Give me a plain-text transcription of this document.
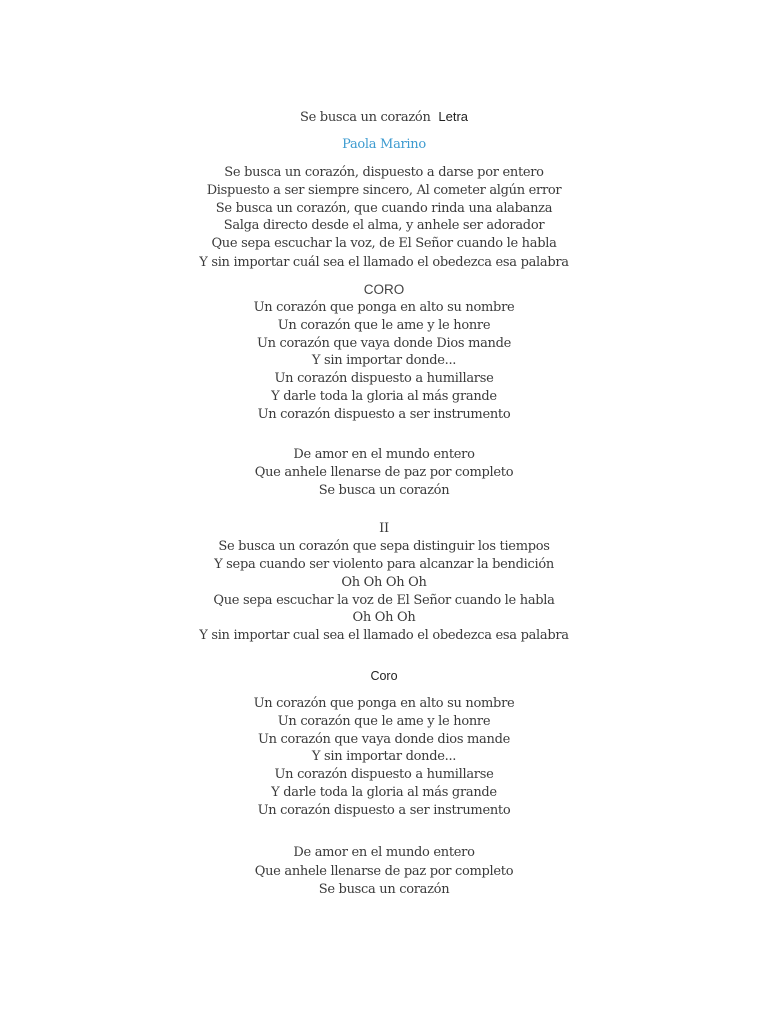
Se busca un corazón Letra
Paola Marino
Se busca un corazón, dispuesto a darse por entero
Dispuesto a ser siempre sincero, Al cometer algún error
Se busca un corazón, que cuando rinda una alabanza
Salga directo desde el alma, y anhele ser adorador
Que sepa escuchar la voz, de El Señor cuando le habla
Y sin importar cuál sea el llamado el obedezca esa palabra
CORO
Un corazón que ponga en alto su nombre
Un corazón que le ame y le honre
Un corazón que vaya donde Dios mande
Y sin importar donde...
Un corazón dispuesto a humillarse
Y darle toda la gloria al más grande
Un corazón dispuesto a ser instrumento
De amor en el mundo entero
Que anhele llenarse de paz por completo
Se busca un corazón
II
Se busca un corazón que sepa distinguir los tiempos
Y sepa cuando ser violento para alcanzar la bendición
Oh Oh Oh Oh
Que sepa escuchar la voz de El Señor cuando le habla
Oh Oh Oh
Y sin importar cual sea el llamado el obedezca esa palabra
Coro
Un corazón que ponga en alto su nombre
Un corazón que le ame y le honre
Un corazón que vaya donde dios mande
Y sin importar donde...
Un corazón dispuesto a humillarse
Y darle toda la gloria al más grande
Un corazón dispuesto a ser instrumento
De amor en el mundo entero
Que anhele llenarse de paz por completo
Se busca un corazón
